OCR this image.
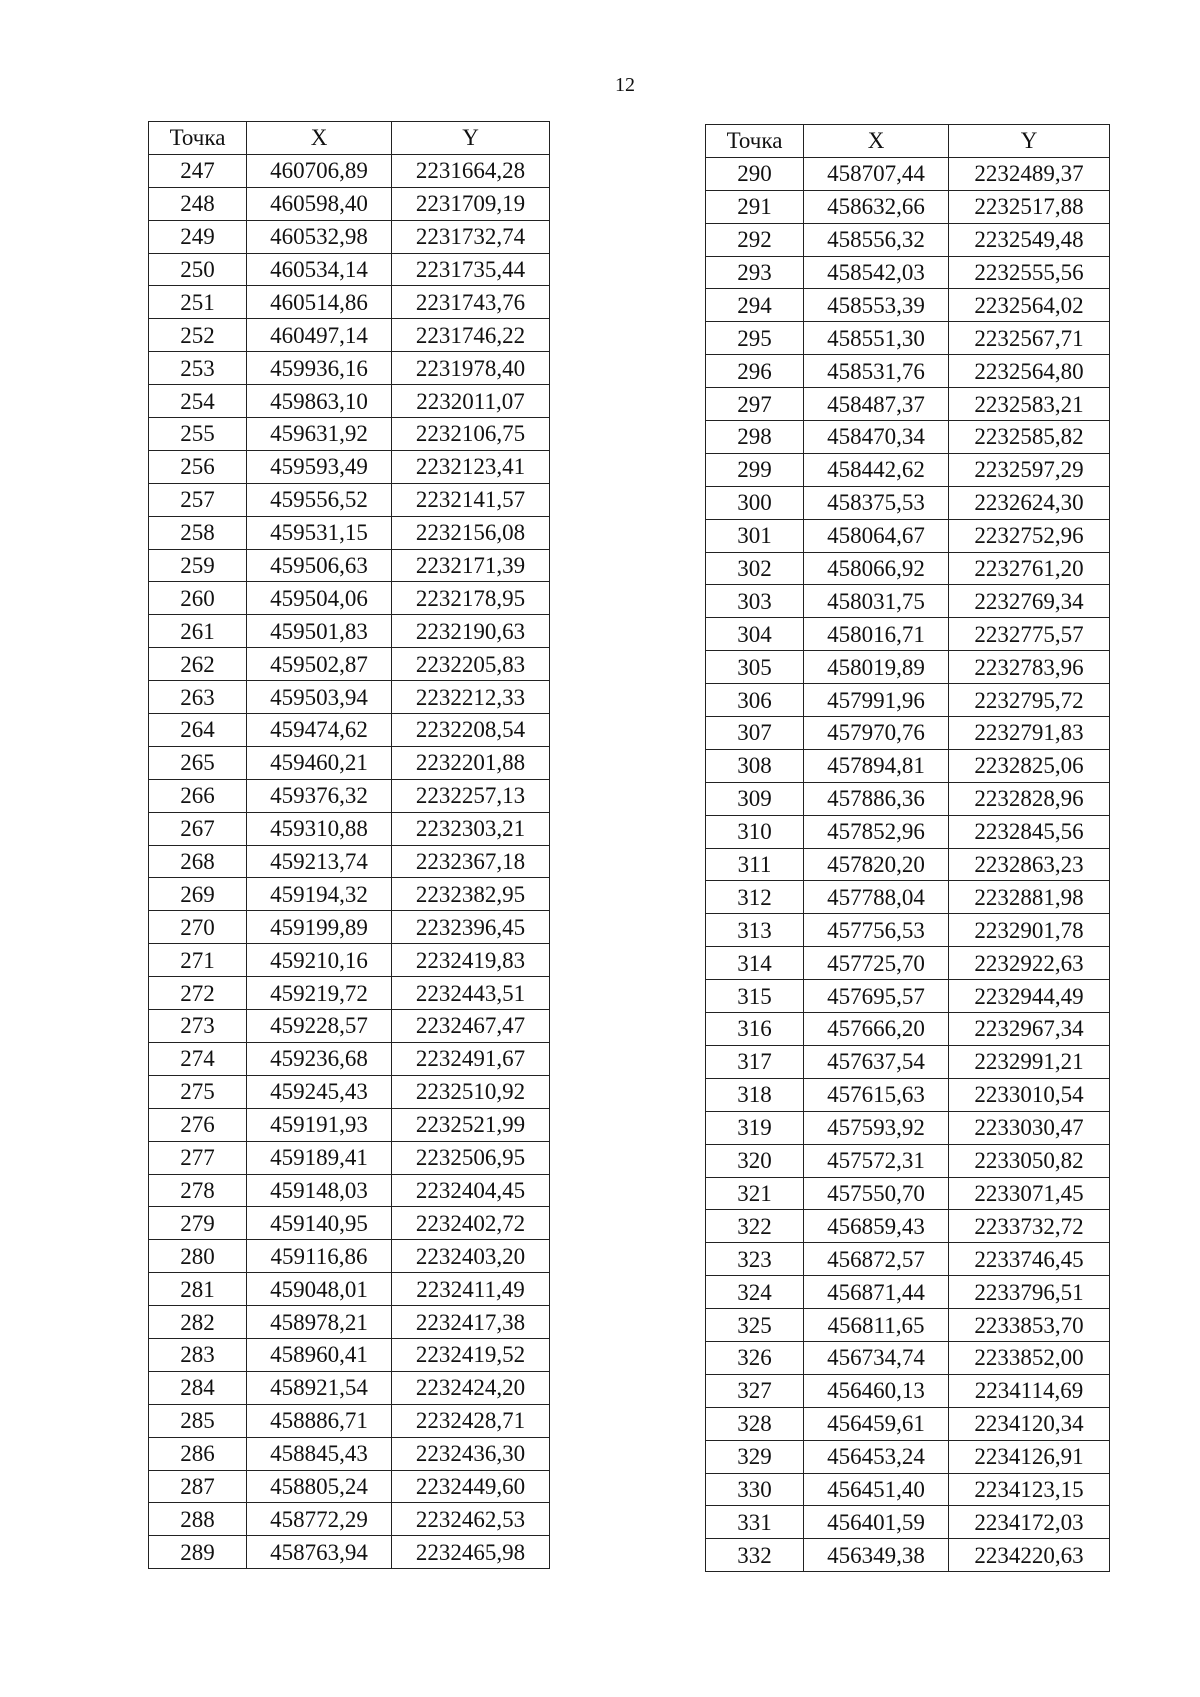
12
Точка	X	Y
247	460706,89	2231664,28
248	460598,40	2231709,19
249	460532,98	2231732,74
250	460534,14	2231735,44
251	460514,86	2231743,76
252	460497,14	2231746,22
253	459936,16	2231978,40
254	459863,10	2232011,07
255	459631,92	2232106,75
256	459593,49	2232123,41
257	459556,52	2232141,57
258	459531,15	2232156,08
259	459506,63	2232171,39
260	459504,06	2232178,95
261	459501,83	2232190,63
262	459502,87	2232205,83
263	459503,94	2232212,33
264	459474,62	2232208,54
265	459460,21	2232201,88
266	459376,32	2232257,13
267	459310,88	2232303,21
268	459213,74	2232367,18
269	459194,32	2232382,95
270	459199,89	2232396,45
271	459210,16	2232419,83
272	459219,72	2232443,51
273	459228,57	2232467,47
274	459236,68	2232491,67
275	459245,43	2232510,92
276	459191,93	2232521,99
277	459189,41	2232506,95
278	459148,03	2232404,45
279	459140,95	2232402,72
280	459116,86	2232403,20
281	459048,01	2232411,49
282	458978,21	2232417,38
283	458960,41	2232419,52
284	458921,54	2232424,20
285	458886,71	2232428,71
286	458845,43	2232436,30
287	458805,24	2232449,60
288	458772,29	2232462,53
289	458763,94	2232465,98
Точка	X	Y
290	458707,44	2232489,37
291	458632,66	2232517,88
292	458556,32	2232549,48
293	458542,03	2232555,56
294	458553,39	2232564,02
295	458551,30	2232567,71
296	458531,76	2232564,80
297	458487,37	2232583,21
298	458470,34	2232585,82
299	458442,62	2232597,29
300	458375,53	2232624,30
301	458064,67	2232752,96
302	458066,92	2232761,20
303	458031,75	2232769,34
304	458016,71	2232775,57
305	458019,89	2232783,96
306	457991,96	2232795,72
307	457970,76	2232791,83
308	457894,81	2232825,06
309	457886,36	2232828,96
310	457852,96	2232845,56
311	457820,20	2232863,23
312	457788,04	2232881,98
313	457756,53	2232901,78
314	457725,70	2232922,63
315	457695,57	2232944,49
316	457666,20	2232967,34
317	457637,54	2232991,21
318	457615,63	2233010,54
319	457593,92	2233030,47
320	457572,31	2233050,82
321	457550,70	2233071,45
322	456859,43	2233732,72
323	456872,57	2233746,45
324	456871,44	2233796,51
325	456811,65	2233853,70
326	456734,74	2233852,00
327	456460,13	2234114,69
328	456459,61	2234120,34
329	456453,24	2234126,91
330	456451,40	2234123,15
331	456401,59	2234172,03
332	456349,38	2234220,63
